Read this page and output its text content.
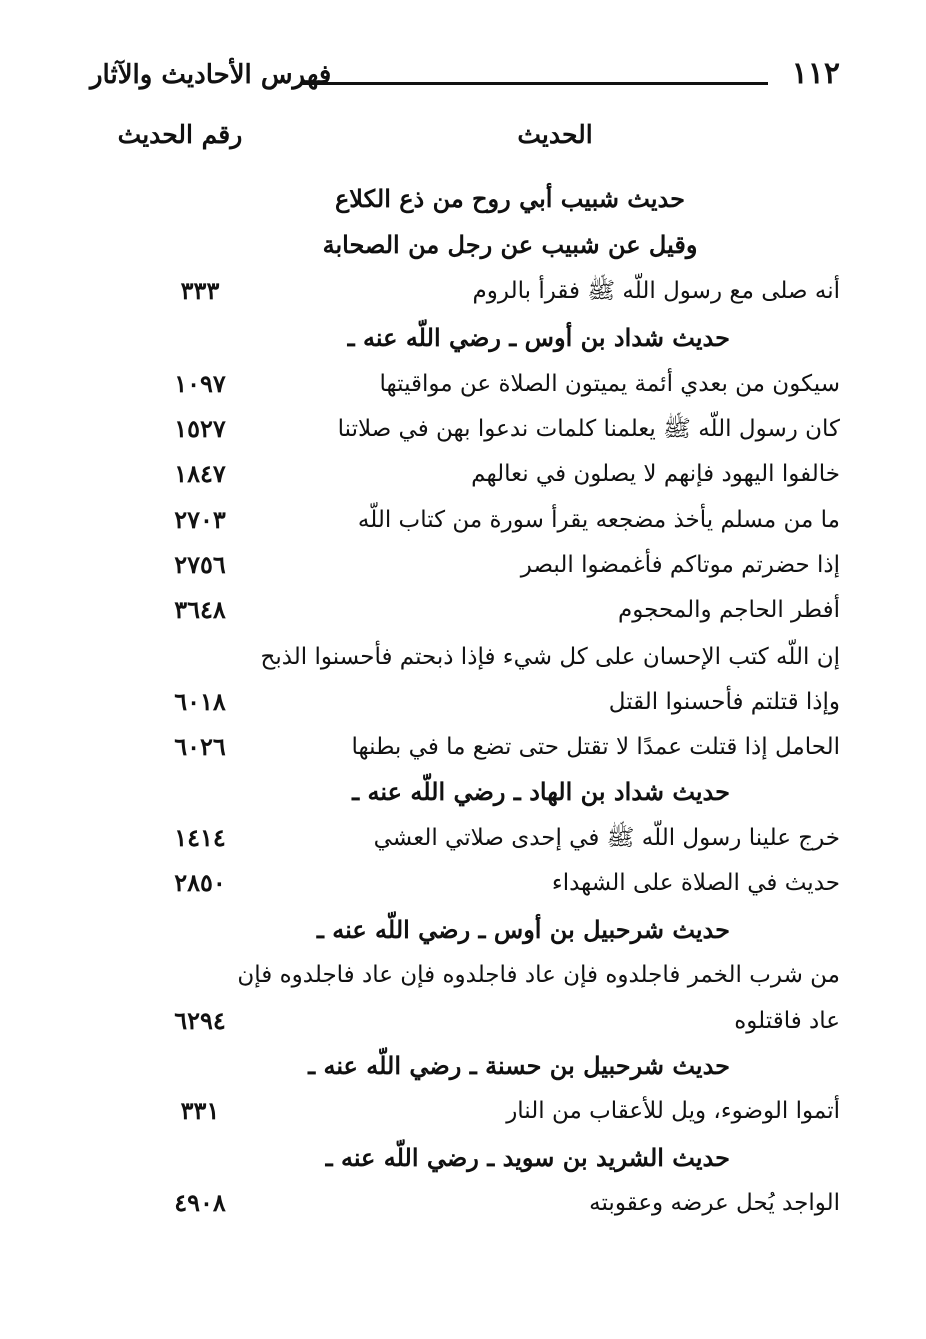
١١٢
فهرس الأحاديث والآثار
الحديث
رقم الحديث
حديث شبيب أبي روح من ذع الكلاع
وقيل عن شبيب عن رجل من الصحابة
أنه صلى مع رسول اللّه ﷺ فقرأ بالروم
٣٣٣
حديث شداد بن أوس ـ رضي اللّه عنه ـ
سيكون من بعدي أئمة يميتون الصلاة عن مواقيتها
١٠٩٧
كان رسول اللّه ﷺ يعلمنا كلمات ندعوا بهن في صلاتنا
١٥٢٧
خالفوا اليهود فإنهم لا يصلون في نعالهم
١٨٤٧
ما من مسلم يأخذ مضجعه يقرأ سورة من كتاب اللّه
٢٧٠٣
إذا حضرتم موتاكم فأغمضوا البصر
٢٧٥٦
أفطر الحاجم والمحجوم
٣٦٤٨
إن اللّه كتب الإحسان على كل شيء فإذا ذبحتم فأحسنوا الذبح
وإذا قتلتم فأحسنوا القتل
٦٠١٨
الحامل إذا قتلت عمدًا لا تقتل حتى تضع ما في بطنها
٦٠٢٦
حديث شداد بن الهاد ـ رضي اللّه عنه ـ
خرج علينا رسول اللّه ﷺ في إحدى صلاتي العشي
١٤١٤
حديث في الصلاة على الشهداء
٢٨٥٠
حديث شرحبيل بن أوس ـ رضي اللّه عنه ـ
من شرب الخمر فاجلدوه فإن عاد فاجلدوه فإن عاد فاجلدوه فإن
عاد فاقتلوه
٦٢٩٤
حديث شرحبيل بن حسنة ـ رضي اللّه عنه ـ
أتموا الوضوء، ويل للأعقاب من النار
٣٣١
حديث الشريد بن سويد ـ رضي اللّه عنه ـ
الواجد يُحل عرضه وعقوبته
٤٩٠٨
